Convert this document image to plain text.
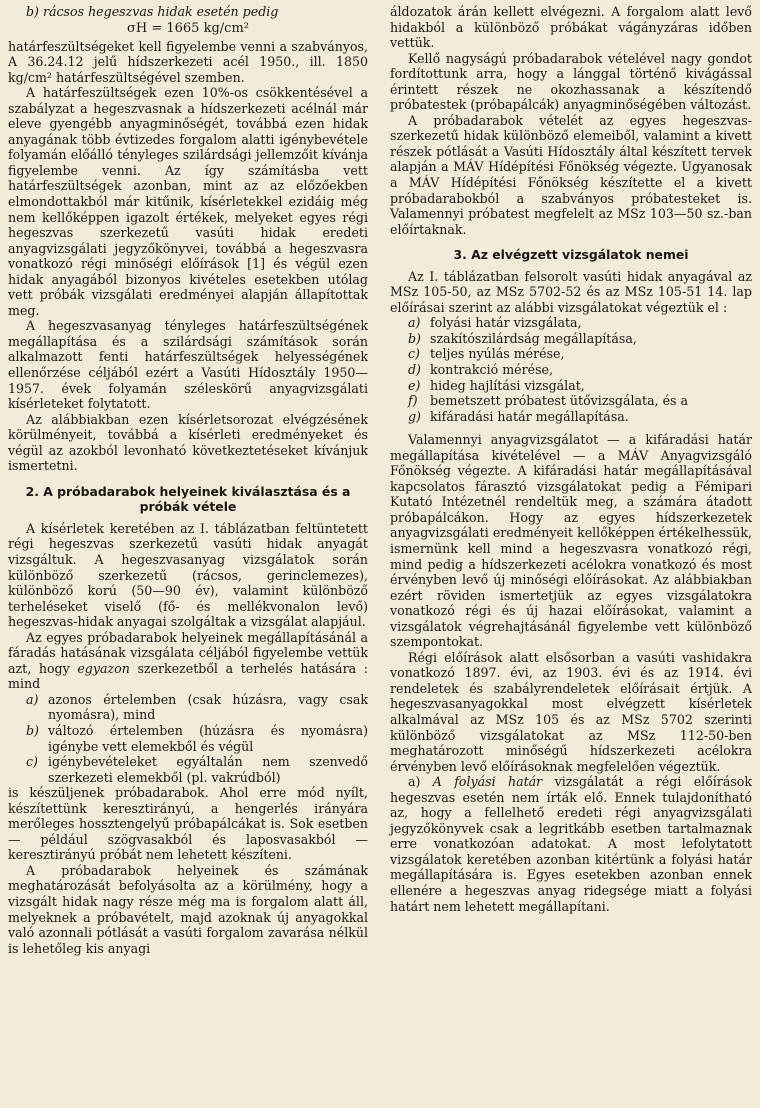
b) rácsos hegeszvas hidak esetén pedig

σH = 1665 kg/cm²

határfeszültségeket kell figyelembe venni a szabványos, A 36.24.12 jelű hídszerkezeti acél 1950., ill. 1850 kg/cm² határfeszültségével szemben.

A határfeszültségek ezen 10%-os csökkentésével a szabályzat a hegeszvasnak a hídszerkezeti acélnál már eleve gyengébb anyagminőségét, továbbá ezen hidak anyagának több évtizedes forgalom alatti igénybevétele folyamán előálló tényleges szilárdsági jellemzőit kívánja figyelembe venni. Az így számításba vett határfeszültségek azonban, mint az az előzőekben elmondottakból már kitűnik, kísérletekkel ezidáig még nem kellőképpen igazolt értékek, melyeket egyes régi hegeszvas szerkezetű vasúti hidak eredeti anyagvizsgálati jegyzőkönyvei, továbbá a hegeszvasra vonatkozó régi minőségi előírások [1] és végül ezen hidak anyagából bizonyos kivételes esetekben utólag vett próbák vizsgálati eredményei alapján állapítottak meg.

A hegeszvasanyag tényleges határfeszültségének megállapítása és a szilárdsági számítások során alkalmazott fenti határfeszültségek helyességének ellenőrzése céljából ezért a Vasúti Hídosztály 1950—1957. évek folyamán széleskörű anyagvizsgálati kísérleteket folytatott.

Az alábbiakban ezen kísérletsorozat elvégzésének körülményeit, továbbá a kísérleti eredményeket és végül az azokból levonható következtetéseket kívánjuk ismertetni.

2. A próbadarabok helyeinek kiválasztása és a próbák vétele

A kísérletek keretében az I. táblázatban feltüntetett régi hegeszvas szerkezetű vasúti hidak anyagát vizsgáltuk. A hegeszvasanyag vizsgálatok során különböző szerkezetű (rácsos, gerinclemezes), különböző korú (50—90 év), valamint különböző terheléseket viselő (fő- és mellékvonalon levő) hegeszvas-hidak anyagai szolgáltak a vizsgálat alapjául.

Az egyes próbadarabok helyeinek megállapításánál a fáradás hatásának vizsgálata céljából figyelembe vettük azt, hogy egyazon szerkezetből a terhelés hatására : mind

a) azonos értelemben (csak húzásra, vagy csak nyomásra), mind
b) változó értelemben (húzásra és nyomásra) igénybe vett elemekből és végül
c) igénybevételeket egyáltalán nem szenvedő szerkezeti elemekből (pl. vakrúdból)

is készüljenek próbadarabok. Ahol erre mód nyílt, készítettünk keresztirányú, a hengerlés irányára merőleges hossztengelyű próbapálcákat is. Sok esetben — például szögvasakból és laposvasakból — keresztirányú próbát nem lehetett készíteni.

A próbadarabok helyeinek és számának meghatározását befolyásolta az a körülmény, hogy a vizsgált hidak nagy része még ma is forgalom alatt áll, melyeknek a próbavételt, majd azoknak új anyagokkal való azonnali pótlását a vasúti forgalom zavarása nélkül is lehetőleg kis anyagi

áldozatok árán kellett elvégezni. A forgalom alatt levő hidakból a különböző próbákat vágányzáras időben vettük.

Kellő nagyságú próbadarabok vételével nagy gondot fordítottunk arra, hogy a lánggal történő kivágással érintett részek ne okozhassanak a készítendő próbatestek (próbapálcák) anyagminőségében változást.

A próbadarabok vételét az egyes hegeszvas-szerkezetű hidak különböző elemeiből, valamint a kivett részek pótlását a Vasúti Hídosztály által készített tervek alapján a MÁV Hídépítési Főnökség végezte. Ugyanosak a MÁV Hídépítési Főnökség készítette el a kivett próbadarabokból a szabványos próbatesteket is. Valamennyi próbatest megfelelt az MSz 103—50 sz.-ban előírtaknak.

3. Az elvégzett vizsgálatok nemei

Az I. táblázatban felsorolt vasúti hidak anyagával az MSz 105-50, az MSz 5702-52 és az MSz 105-51 14. lap előírásai szerint az alábbi vizsgálatokat végeztük el :

a) folyási határ vizsgálata,
b) szakítószilárdság megállapítása,
c) teljes nyúlás mérése,
d) kontrakció mérése,
e) hideg hajlítási vizsgálat,
f) bemetszett próbatest ütővizsgálata, és a
g) kifáradási határ megállapítása.

Valamennyi anyagvizsgálatot — a kifáradási határ megállapítása kivételével — a MÁV Anyagvizsgáló Főnökség végezte. A kifáradási határ megállapításával kapcsolatos fárasztó vizsgálatokat pedig a Fémipari Kutató Intézetnél rendeltük meg, a számára átadott próbapálcákon. Hogy az egyes hídszerkezetek anyagvizsgálati eredményeit kellőképpen értékelhessük, ismernünk kell mind a hegeszvasra vonatkozó régi, mind pedig a hídszerkezeti acélokra vonatkozó és most érvényben levő új minőségi előírásokat. Az alábbiakban ezért röviden ismertetjük az egyes vizsgálatokra vonatkozó régi és új hazai előírásokat, valamint a vizsgálatok végrehajtásánál figyelembe vett különböző szempontokat.

Régi előírások alatt elsősorban a vasúti vashidakra vonatkozó 1897. évi, az 1903. évi és az 1914. évi rendeletek és szabályrendeletek előírásait értjük. A hegeszvasanyagokkal most elvégzett kísérletek alkalmával az MSz 105 és az MSz 5702 szerinti különböző vizsgálatokat az MSz 112-50-ben meghatározott minőségű hídszerkezeti acélokra érvényben levő előírásoknak megfelelően végeztük.

a) A folyási határ vizsgálatát a régi előírások hegeszvas esetén nem írták elő. Ennek tulajdonítható az, hogy a fellelhető eredeti régi anyagvizsgálati jegyzőkönyvek csak a legritkább esetben tartalmaznak erre vonatkozóan adatokat. A most lefolytatott vizsgálatok keretében azonban kitértünk a folyási határ megállapítására is. Egyes esetekben azonban ennek ellenére a hegeszvas anyag ridegsége miatt a folyási határt nem lehetett megállapítani.
